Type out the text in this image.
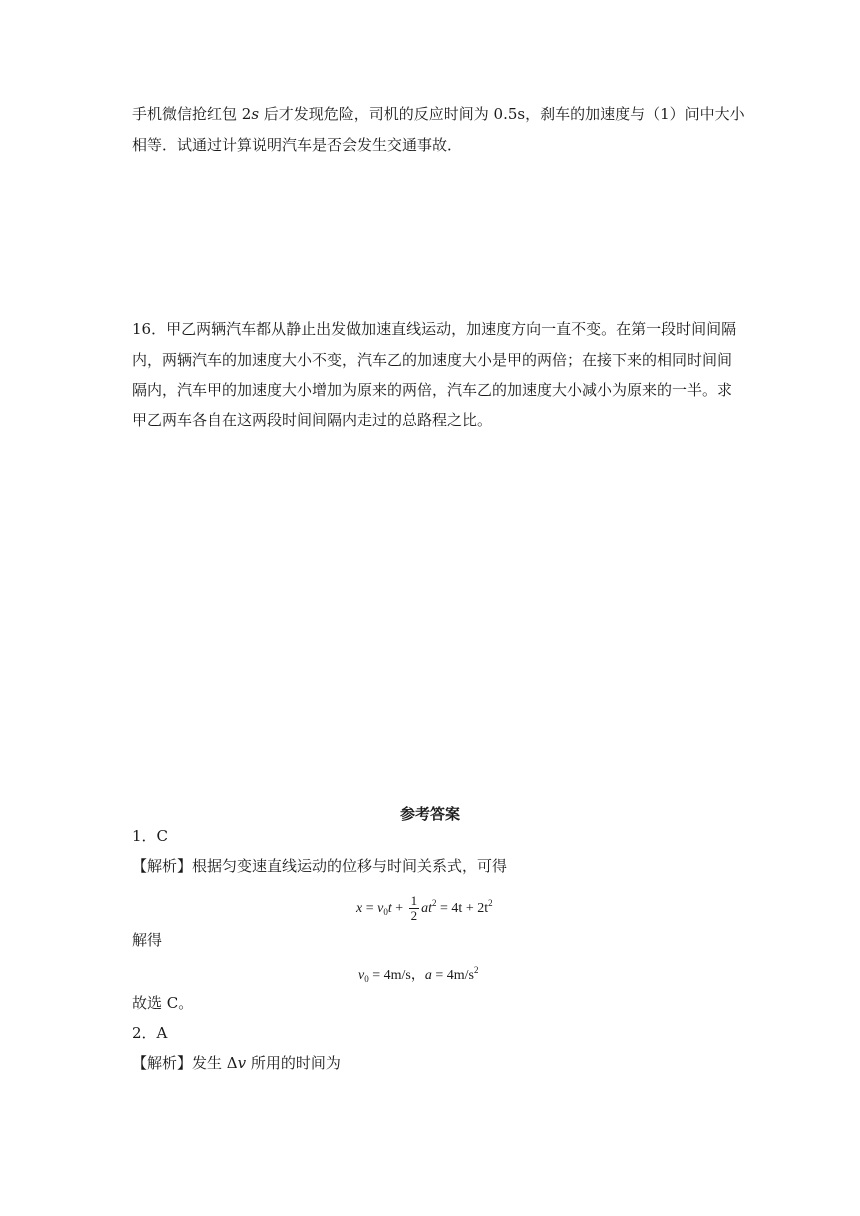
手机微信抢红包 2s 后才发现危险，司机的反应时间为 0.5s，刹车的加速度与（1）问中大小
相等．试通过计算说明汽车是否会发生交通事故．
16．甲乙两辆汽车都从静止出发做加速直线运动，加速度方向一直不变。在第一段时间间隔
内，两辆汽车的加速度大小不变，汽车乙的加速度大小是甲的两倍；在接下来的相同时间间
隔内，汽车甲的加速度大小增加为原来的两倍，汽车乙的加速度大小减小为原来的一半。求
甲乙两车各自在这两段时间间隔内走过的总路程之比。
参考答案
1．C
【解析】根据匀变速直线运动的位移与时间关系式，可得
$x = v_0t + \frac{1}{2} at^2 = 4t + 2t^2$
解得
$v_0 = 4m/s$，$a = 4m/s^2$
故选 C。
2．A
【解析】发生 Δv 所用的时间为
